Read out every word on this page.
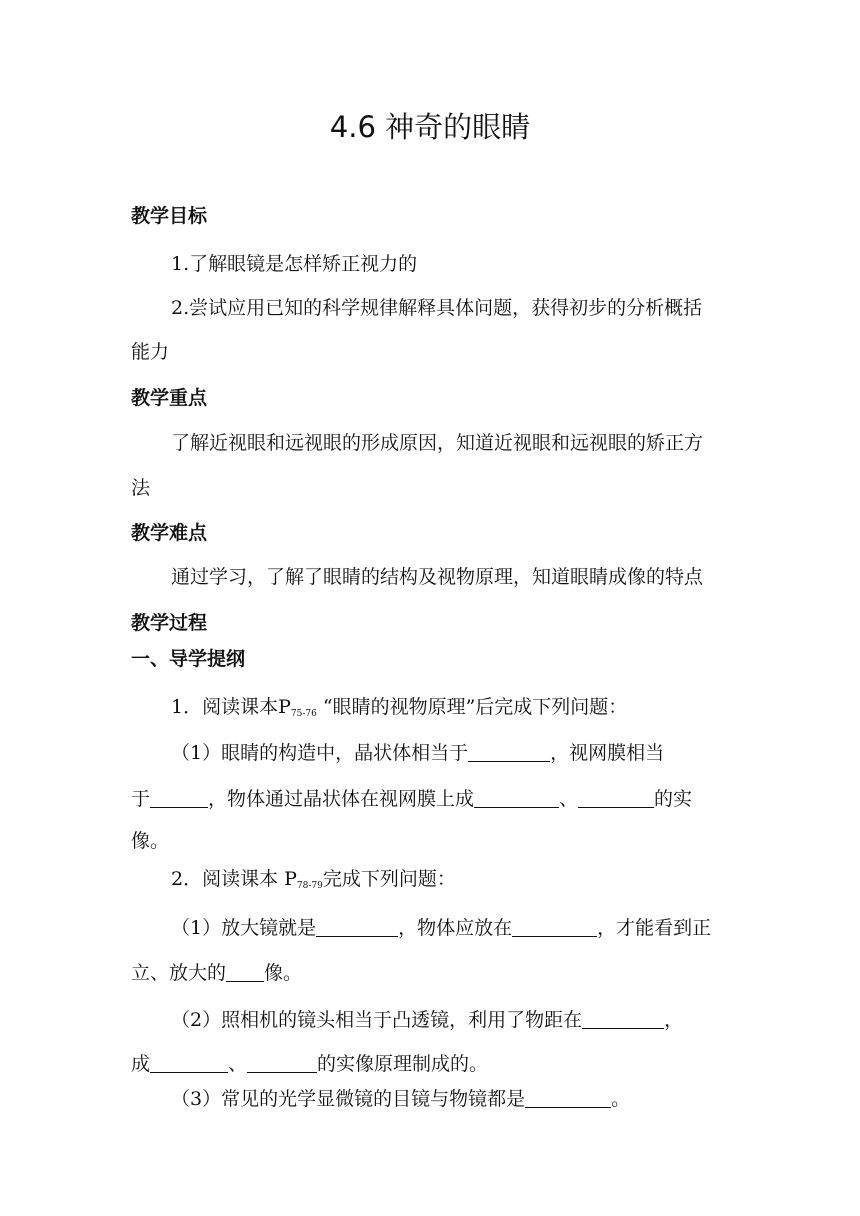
4.6 神奇的眼睛
教学目标
1.了解眼镜是怎样矫正视力的
2.尝试应用已知的科学规律解释具体问题，获得初步的分析概括
能力
教学重点
了解近视眼和远视眼的形成原因，知道近视眼和远视眼的矫正方
法
教学难点
通过学习，了解了眼睛的结构及视物原理，知道眼睛成像的特点
教学过程
一、导学提纲
1．阅读课本$P_{75-76}$ “眼睛的视物原理”后完成下列问题：
（1）眼睛的构造中，晶状体相当于	，视网膜相当
于	，物体通过晶状体在视网膜上成	、	的实
像。
2．阅读课本 $P_{78-79}$完成下列问题：
（1）放大镜就是	，物体应放在	，才能看到正
立、放大的 像。
（2）照相机的镜头相当于凸透镜，利用了物距在	，
成	、	的实像原理制成的。
（3）常见的光学显微镜的目镜与物镜都是	。
